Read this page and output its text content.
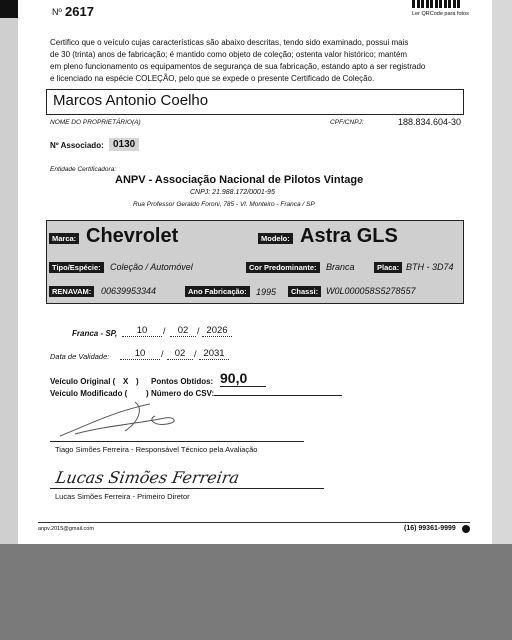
Nº 2617	Ler QRCode para fotos
Certifico que o veículo cujas características são abaixo descritas, tendo sido examinado, possui mais
de 30 (trinta) anos de fabricação; é mantido como objeto de coleção; ostenta valor histórico; mantém
em pleno funcionamento os equipamentos de segurança de sua fabricação, estando apto a ser registrado
e licenciado na espécie COLEÇÃO, pelo que se expede o presente Certificado de Coleção.
Marcos Antonio Coelho
NOME DO PROPRIETÁRIO(A)	CPF/CNPJ:	188.834.604-30
Nº Associado: 0130
Entidade Certificadora:
ANPV - Associação Nacional de Pilotos Vintage
CNPJ: 21.988.172/0001-95
Rua Professor Geraldo Foroni, 785 - Vl. Monteiro - Franca / SP
Marca: Chevrolet	Modelo: Astra GLS
Tipo/Espécie:	Coleção / Automóvel	Cor Predominante:	Branca	Placa: BTH - 3D74
RENAVAM:	00639953344	Ano Fabricação:	1995	Chassi: W0L000058S5278557
Franca - SP,	10	/	02 / 2026
Data de Validade:	10	/	02 / 2031
Veículo Original ( X ) Pontos Obtidos: 90,0
Veículo Modificado ( ) Número do CSV:
Tiago Simões Ferreira - Responsável Técnico pela Avaliação
Lucas Simões Ferreira
Lucas Simões Ferreira - Primeiro Diretor
anpv.2015@gmail.com	(16) 99361-9999
